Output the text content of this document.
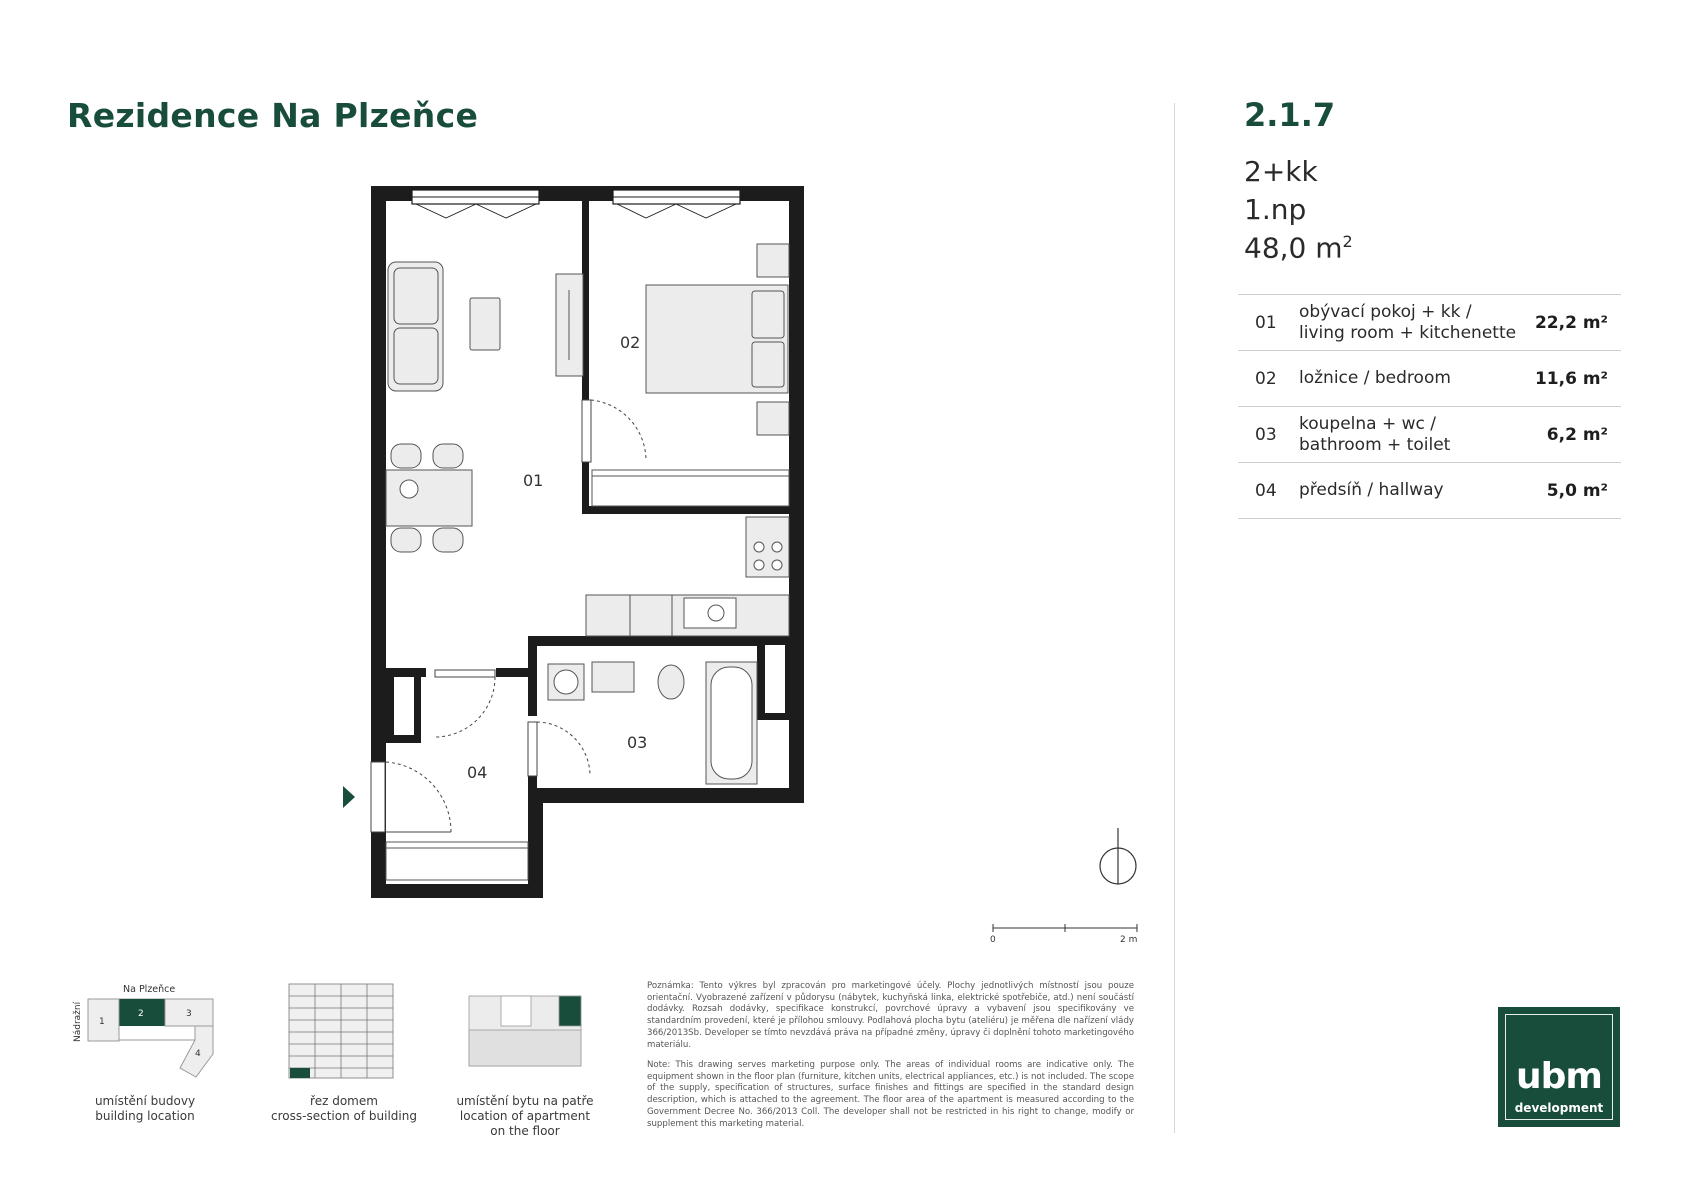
Rezidence Na Plzeňce	2.1.7
2+kk
1.np
48,0 $m^2$
01
obývací pokoj + kk /
living room + kitchenette 22,2 m²
02 ložnice / bedroom	11,6 m²
03
koupelna + wc /
bathroom + toilet	6,2 m²
04 předsíň / hallway	5,0 m²
02
01
03
04
0	2 m
Na Plzeňce
Nádražní 1
2	3
4
umístění budovy
building location
řez domem
cross-section of building
umístění bytu na patře
location of apartment
on the floor
Poznámka: Tento výkres byl zpracován pro marketingové účely. Plochy jednotlivých místností jsou pouze orientační. Vyobrazené zařízení v půdorysu (nábytek, kuchyňská linka, elektrické spotřebiče, atd.) není součástí dodávky. Rozsah dodávky, specifikace konstrukcí, povrchové úpravy a vybavení jsou specifikovány ve standardním provedení, které je přílohou smlouvy. Podlahová plocha bytu (ateliéru) je měřena dle nařízení vlády 366/2013Sb. Developer se tímto nevzdává práva na případné změny, úpravy či doplnění tohoto marketingového materiálu.
Note: This drawing serves marketing purpose only. The areas of individual rooms are indicative only. The equipment shown in the floor plan (furniture, kitchen units, electrical appliances, etc.) is not included. The scope of the supply, specification of structures, surface finishes and fittings are specified in the standard design description, which is attached to the agreement. The floor area of the apartment is measured according to the Government Decree No. 366/2013 Coll. The developer shall not be restricted in his right to change, modify or supplement this marketing material.
ubm
development
